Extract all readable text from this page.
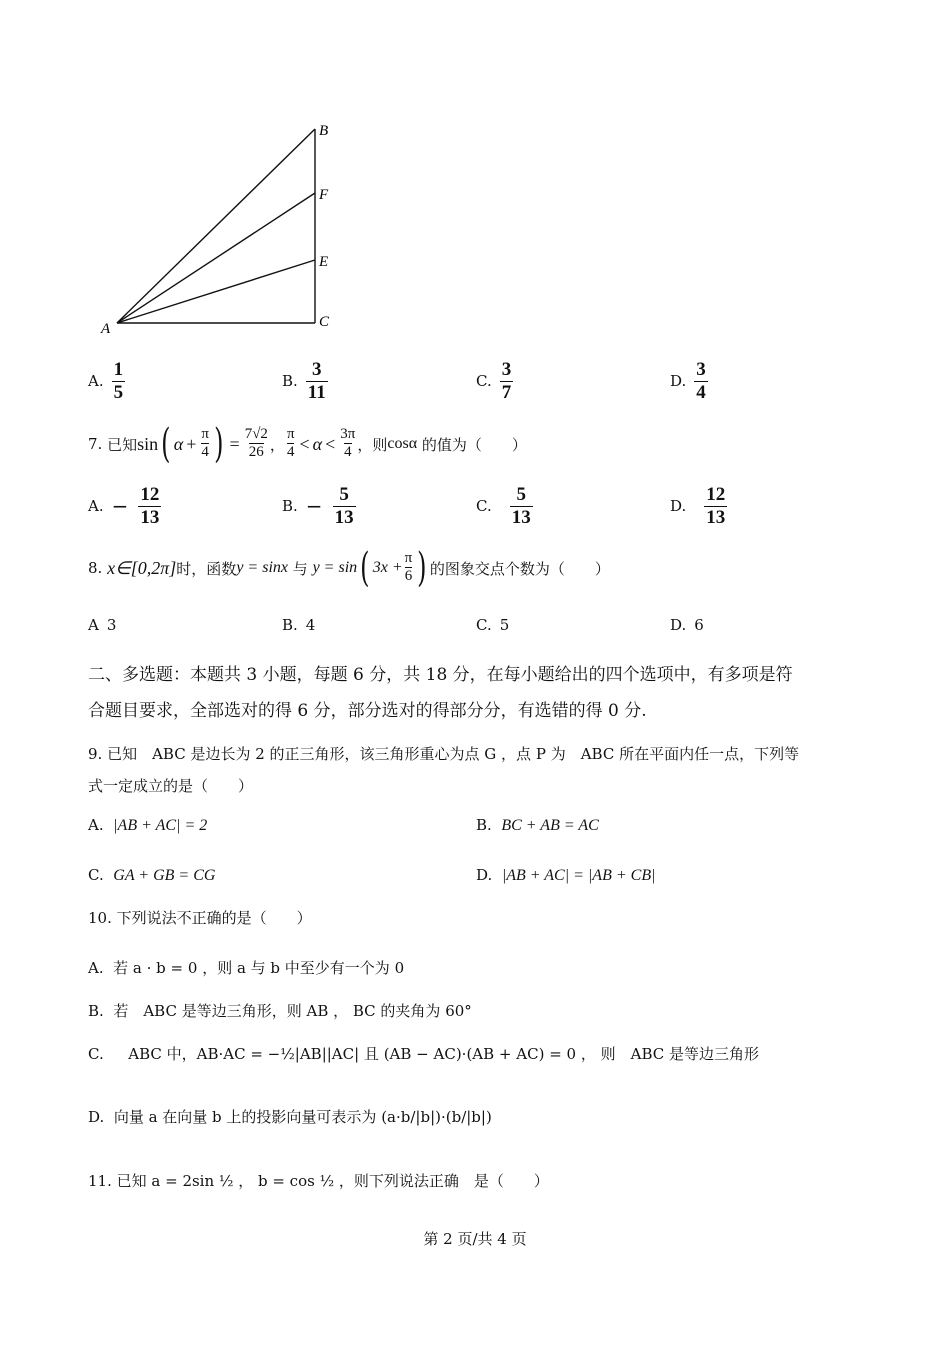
B
F
E
C
A
A. $\frac{1}{5}$	B. $\frac{3}{11}$	C. $\frac{3}{7}$	D. $\frac{3}{4}$
7.
已知 sin ( $\alpha + \frac{\pi}{4}$ ) = $\frac{7√2}{26}$ ，
π
4 < α < 3π
4 ，则 cosα
的值为（　　）
A. − $\frac{12}{13}$	B. − $\frac{5}{13}$	C. $\frac{5}{13}$	D. $\frac{12}{13}$
8.
x∈[0,2π] 时，函数 y = sinx
与
y = sin ( $3x + \frac{\pi}{6}$ ) 的图象交点个数为（　　）
A 3	B. 4	C. 5	D. 6
二、多选题：本题共 3 小题，每题 6 分，共 18 分，在每小题给出的四个选项中，有多项是符
合题目要求，全部选对的得 6 分，部分选对的得部分分，有选错的得 0 分.
9. 已知　ABC 是边长为 2 的正三角形，该三角形重心为点 G ，点 P 为　ABC 所在平面内任一点，下列等
式一定成立的是（　　）
A. |AB + AC| = 2	B. BC + AB = AC
C. GA + GB = CG	D. |AB + AC| = |AB + CB|
10. 下列说法不正确的是（　　）
A. 若 a · b = 0 ，则 a 与 b 中至少有一个为 0
B. 若　ABC 是等边三角形，则 AB ， BC 的夹角为 60°
C.  　ABC 中，AB·AC = −½|AB||AC| 且 (AB − AC)·(AB + AC) = 0 ， 则　ABC 是等边三角形
D. 向量 a 在向量 b 上的投影向量可表示为 (a·b/|b|)·(b/|b|)
11. 已知 a = 2sin ½ ， b = cos ½ ，则下列说法正确　是（　　）
第 2 页/共 4 页
